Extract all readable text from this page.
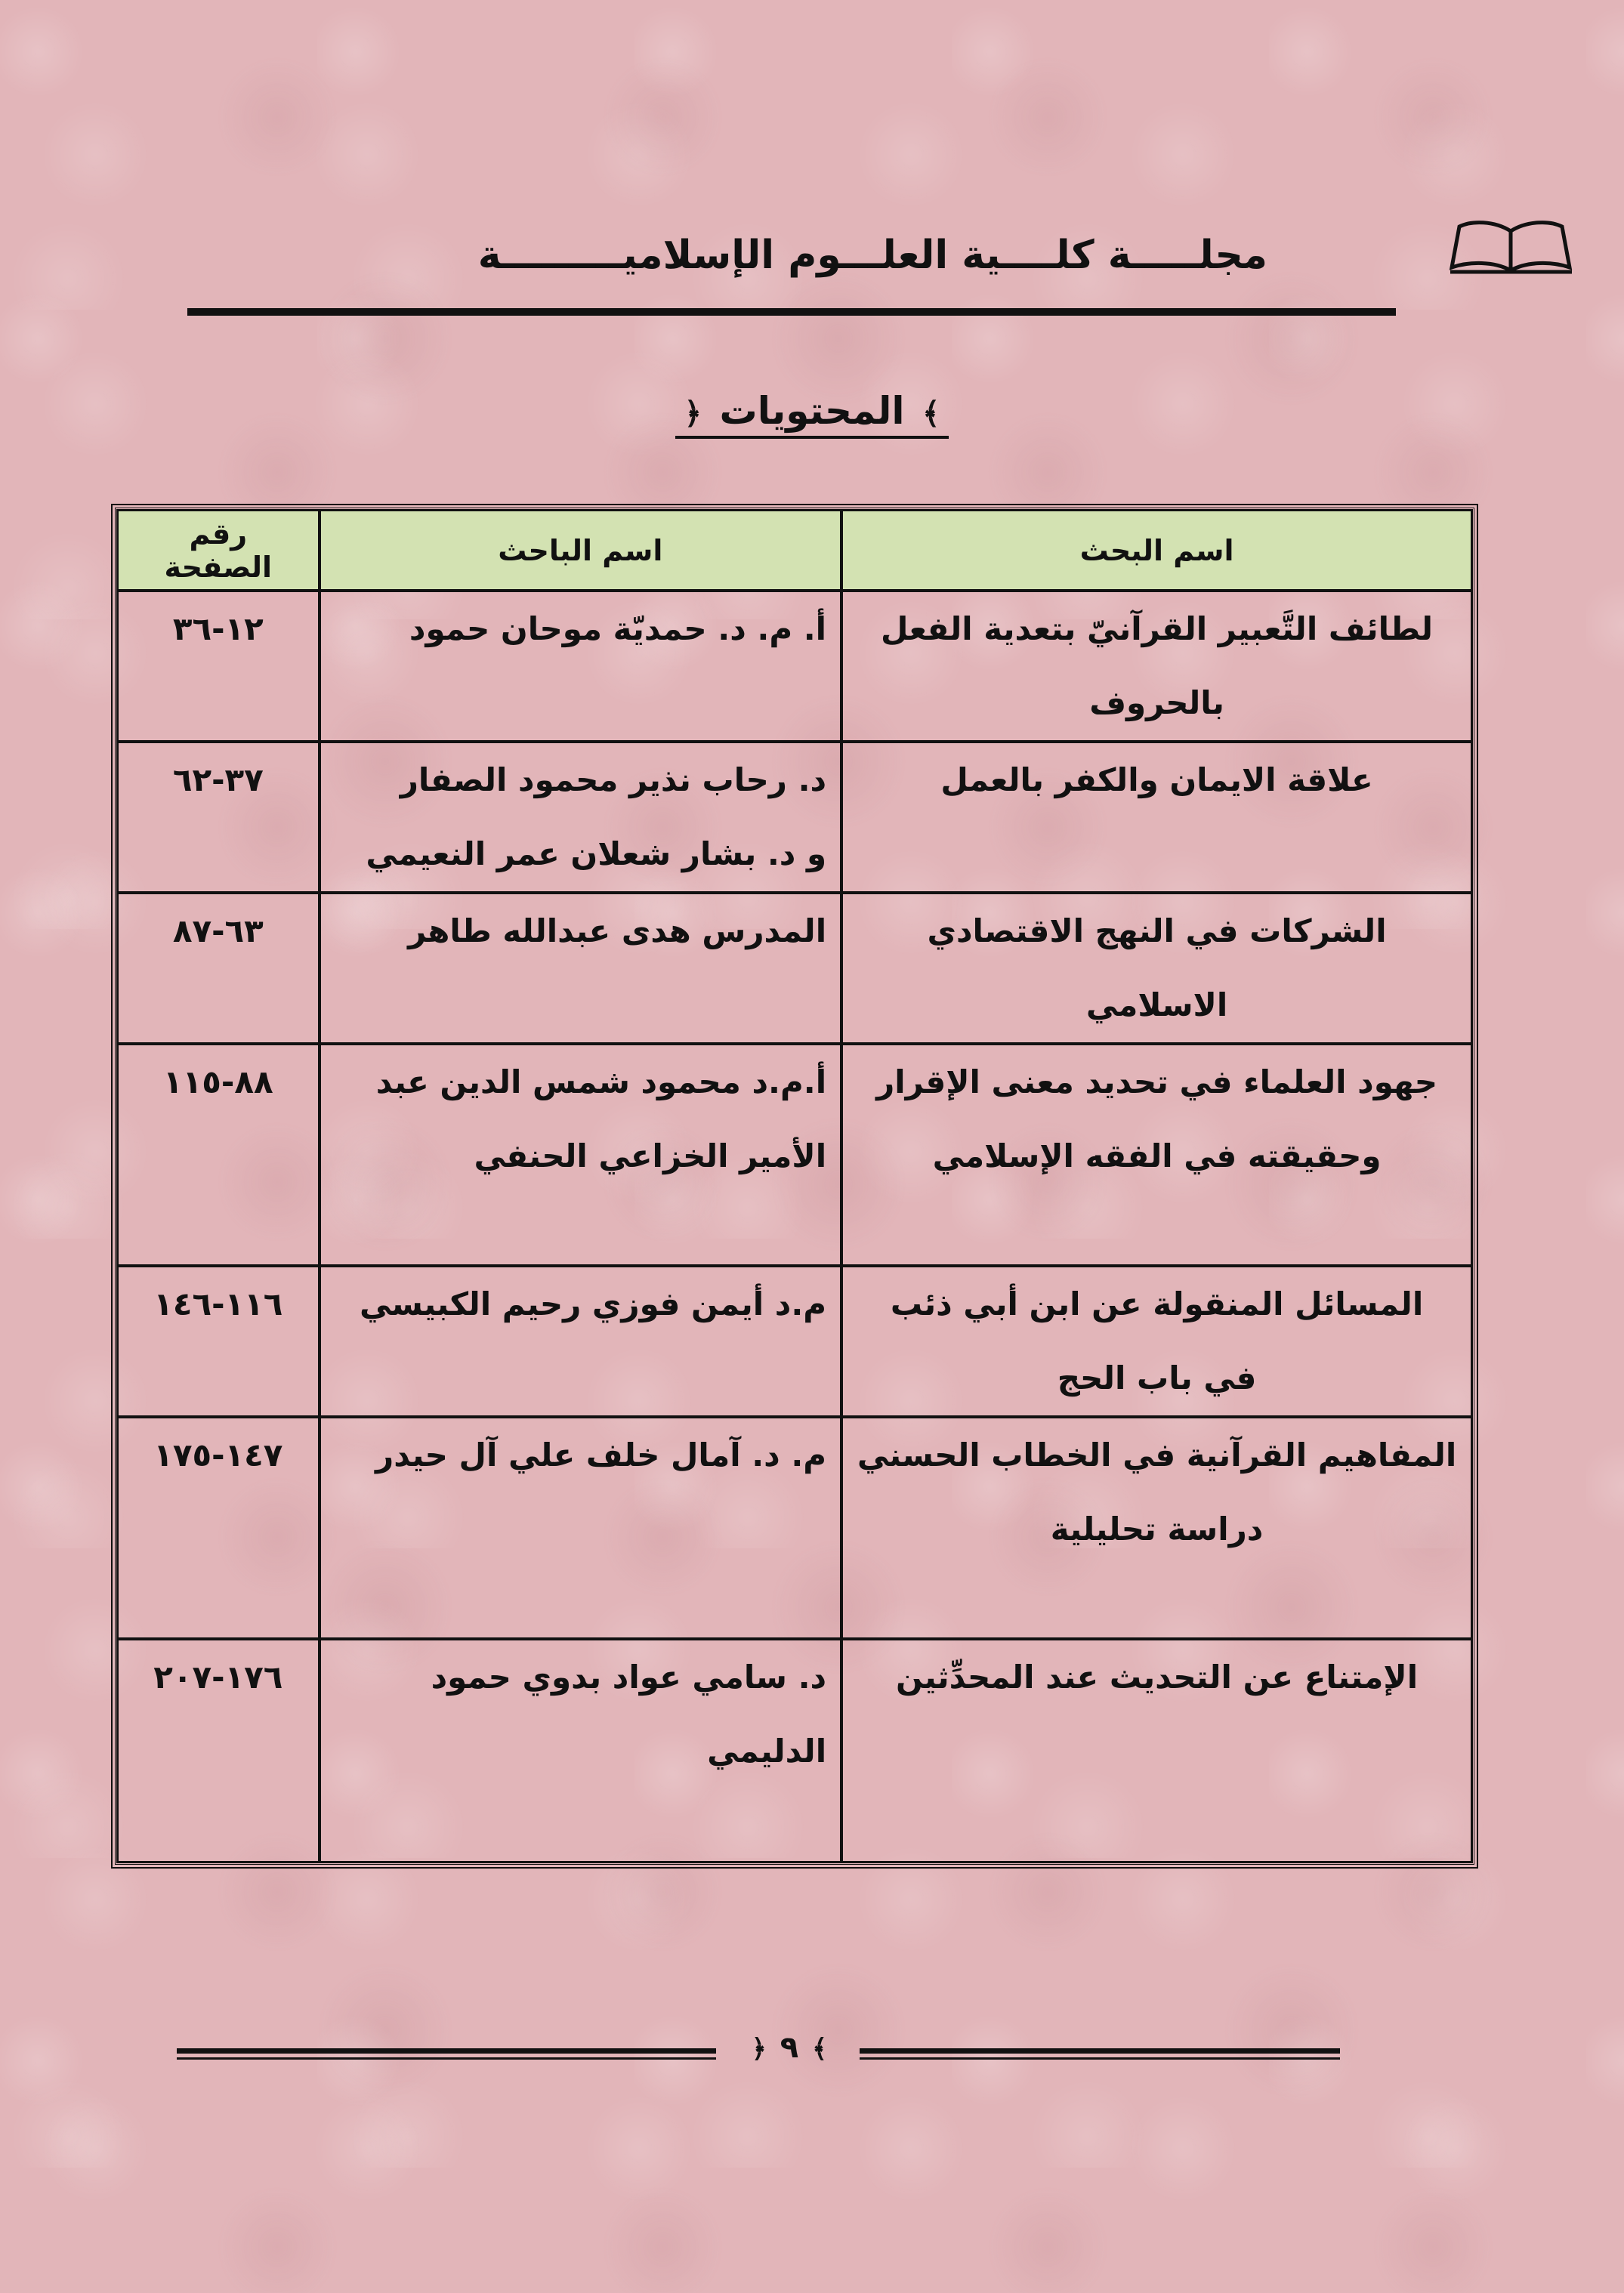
مجلـــــة كلــــية العلـــوم الإسلاميـــــــــة
﴾ المحتويات ﴿
اسم البحث	اسم الباحث	رقم الصفحة

لطائف التَّعبير القرآنيّ بتعدية الفعل
بالحروف	أ. م. د. حمديّة موحان حمود	١٢-٣٦

علاقة الايمان والكفر بالعمل	د. رحاب نذير محمود الصفار
و د. بشار شعلان عمر النعيمي	٣٧-٦٢

الشركات في النهج الاقتصادي الاسلامي	المدرس هدى عبدالله طاهر	٦٣-٨٧

جهود العلماء في تحديد معنى الإقرار
وحقيقته في الفقه الإسلامي	أ.م.د محمود شمس الدين عبد
الأمير الخزاعي الحنفي	٨٨-١١٥

المسائل المنقولة عن ابن أبي ذئب
في باب الحج	م.د أيمن فوزي رحيم الكبيسي	١١٦-١٤٦

المفاهيم القرآنية في الخطاب الحسني
دراسة تحليلية	م. د. آمال خلف علي آل حيدر	١٤٧-١٧٥

الإمتناع عن التحديث عند المحدِّثين	د. سامي عواد بدوي حمود
الدليمي	١٧٦-٢٠٧
﴾ ٩ ﴿
